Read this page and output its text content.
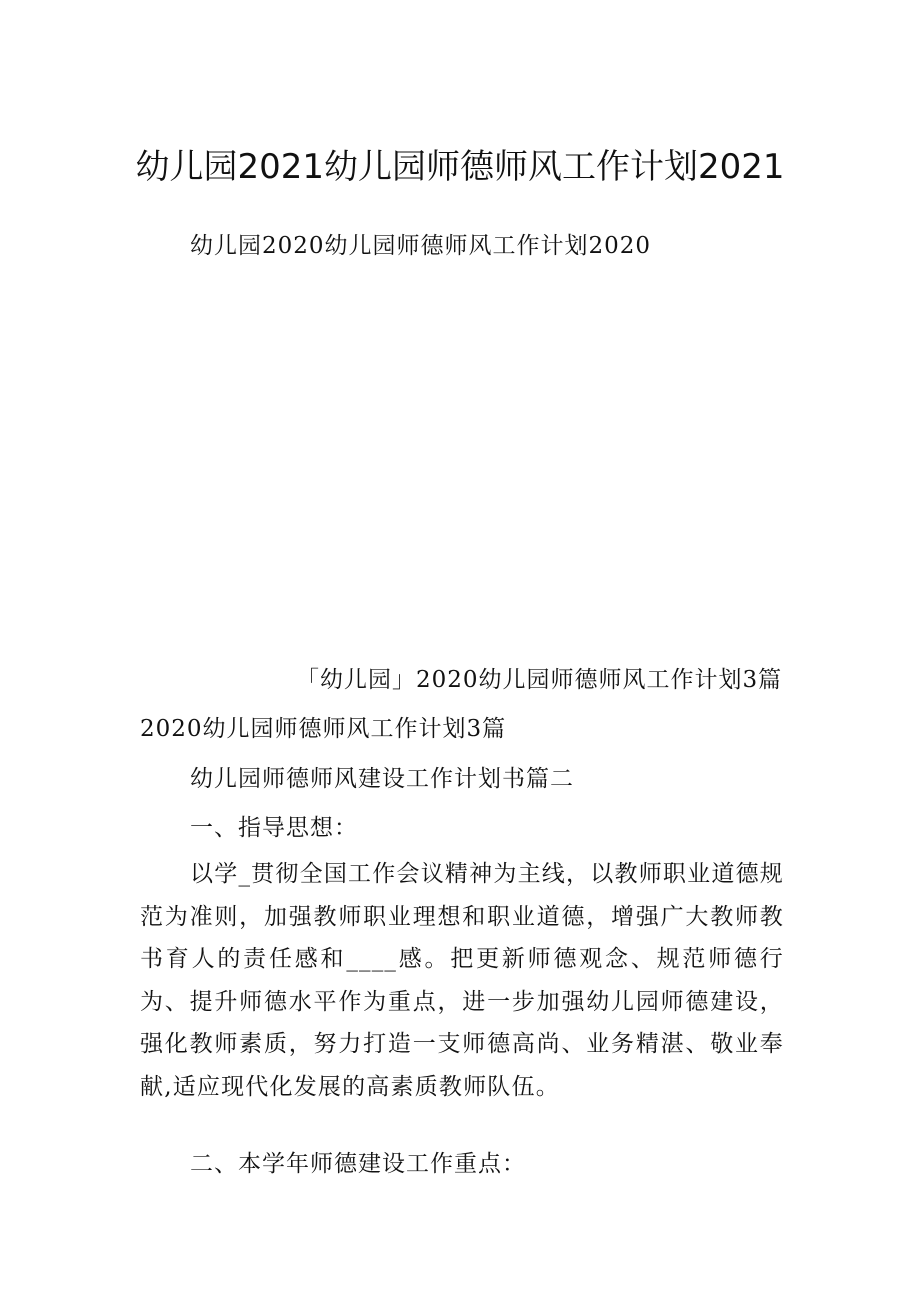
幼儿园2021幼儿园师德师风工作计划2021
幼儿园2020幼儿园师德师风工作计划2020
「幼儿园」2020幼儿园师德师风工作计划3篇
2020幼儿园师德师风工作计划3篇
幼儿园师德师风建设工作计划书篇二
一、指导思想：

以学_贯彻全国工作会议精神为主线，以教师职业道德规范为准则，加强教师职业理想和职业道德，增强广大教师教书育人的责任感和____感。把更新师德观念、规范师德行为、提升师德水平作为重点，进一步加强幼儿园师德建设，强化教师素质，努力打造一支师德高尚、业务精湛、敬业奉献,适应现代化发展的高素质教师队伍。

二、本学年师德建设工作重点：
